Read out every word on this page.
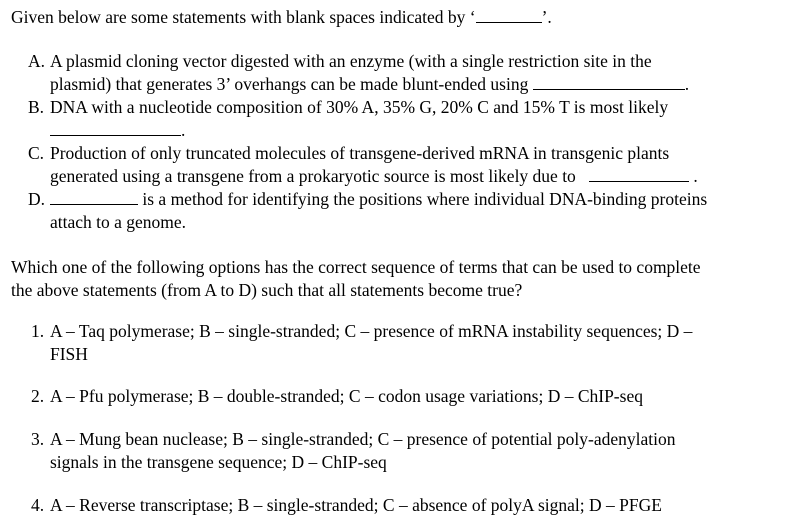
Given below are some statements with blank spaces indicated by ‘	’.
A. A plasmid cloning vector digested with an enzyme (with a single restriction site in the
plasmid) that generates 3’ overhangs can be made blunt-ended using	.
B. DNA with a nucleotide composition of 30% A, 35% G, 20% C and 15% T is most likely
.
C. Production of only truncated molecules of transgene-derived mRNA in transgenic plants
generated using a transgene from a prokaryotic source is most likely due to	.
D.	is a method for identifying the positions where individual DNA-binding proteins
attach to a genome.
Which one of the following options has the correct sequence of terms that can be used to complete
the above statements (from A to D) such that all statements become true?
1. A – Taq polymerase; B – single-stranded; C – presence of mRNA instability sequences; D –
FISH
2. A – Pfu polymerase; B – double-stranded; C – codon usage variations; D – ChIP-seq
3. A – Mung bean nuclease; B – single-stranded; C – presence of potential poly-adenylation
signals in the transgene sequence; D – ChIP-seq
4. A – Reverse transcriptase; B – single-stranded; C – absence of polyA signal; D – PFGE
